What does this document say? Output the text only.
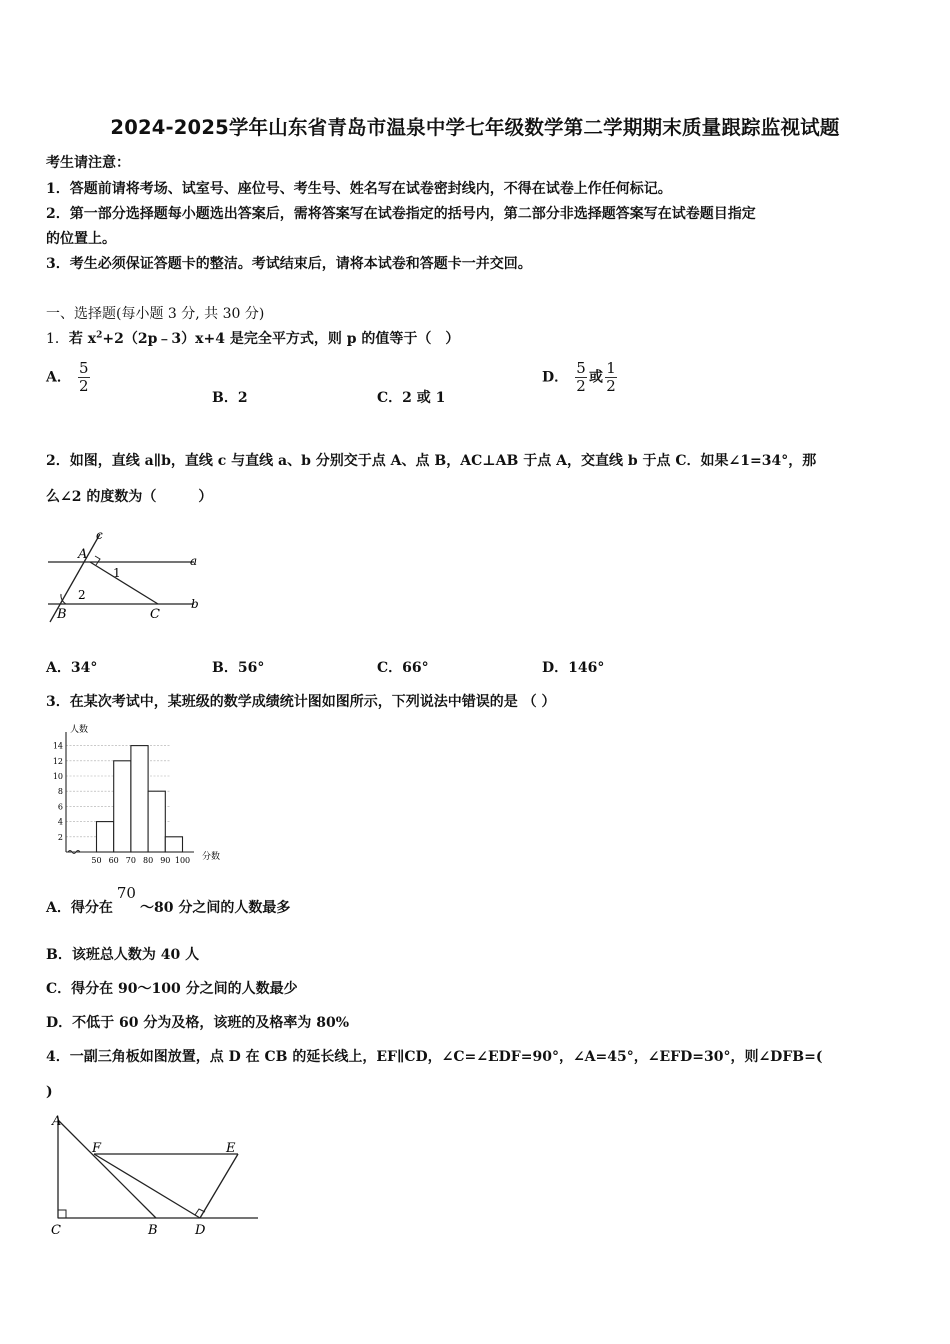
2024-2025学年山东省青岛市温泉中学七年级数学第二学期期末质量跟踪监视试题
考生请注意：
1．答题前请将考场、试室号、座位号、考生号、姓名写在试卷密封线内，不得在试卷上作任何标记。
2．第一部分选择题每小题选出答案后，需将答案写在试卷指定的括号内，第二部分非选择题答案写在试卷题目指定
的位置上。
3．考生必须保证答题卡的整洁。考试结束后，请将本试卷和答题卡一并交回。
一、选择题(每小题 3 分, 共 30 分)
1．若 $x^2+2(2p﹣3)x+4$ 是完全平方式，则 p 的值等于（　）
A． $\frac{5}{2}$
B．2	C．2 或 1
D． $\frac{5}{2}$ 或 $\frac{1}{2}$
2．如图，直线 a∥b，直线 c 与直线 a、b 分别交于点 A、点 B，AC⊥AB 于点 A，交直线 b 于点 C．如果∠1=34°，那
么∠2 的度数为（　　　）
c
A	a
1
2
B	C
b
A．34°	B．56°	C．66°	D．146°
3．在某次考试中，某班级的数学成绩统计图如图所示，下列说法中错误的是 （ ）
2
4
6
8
10
12
14
50 60 70 80 90 100
人数
分数
A．得分在70～80 分之间的人数最多
B．该班总人数为 40 人
C．得分在 90～100 分之间的人数最少
D．不低于 60 分为及格，该班的及格率为 80%
4．一副三角板如图放置，点 D 在 CB 的延长线上，EF∥CD，∠C=∠EDF=90°，∠A=45°，∠EFD=30°，则∠DFB=(
)
A
F	E
C	B	D
